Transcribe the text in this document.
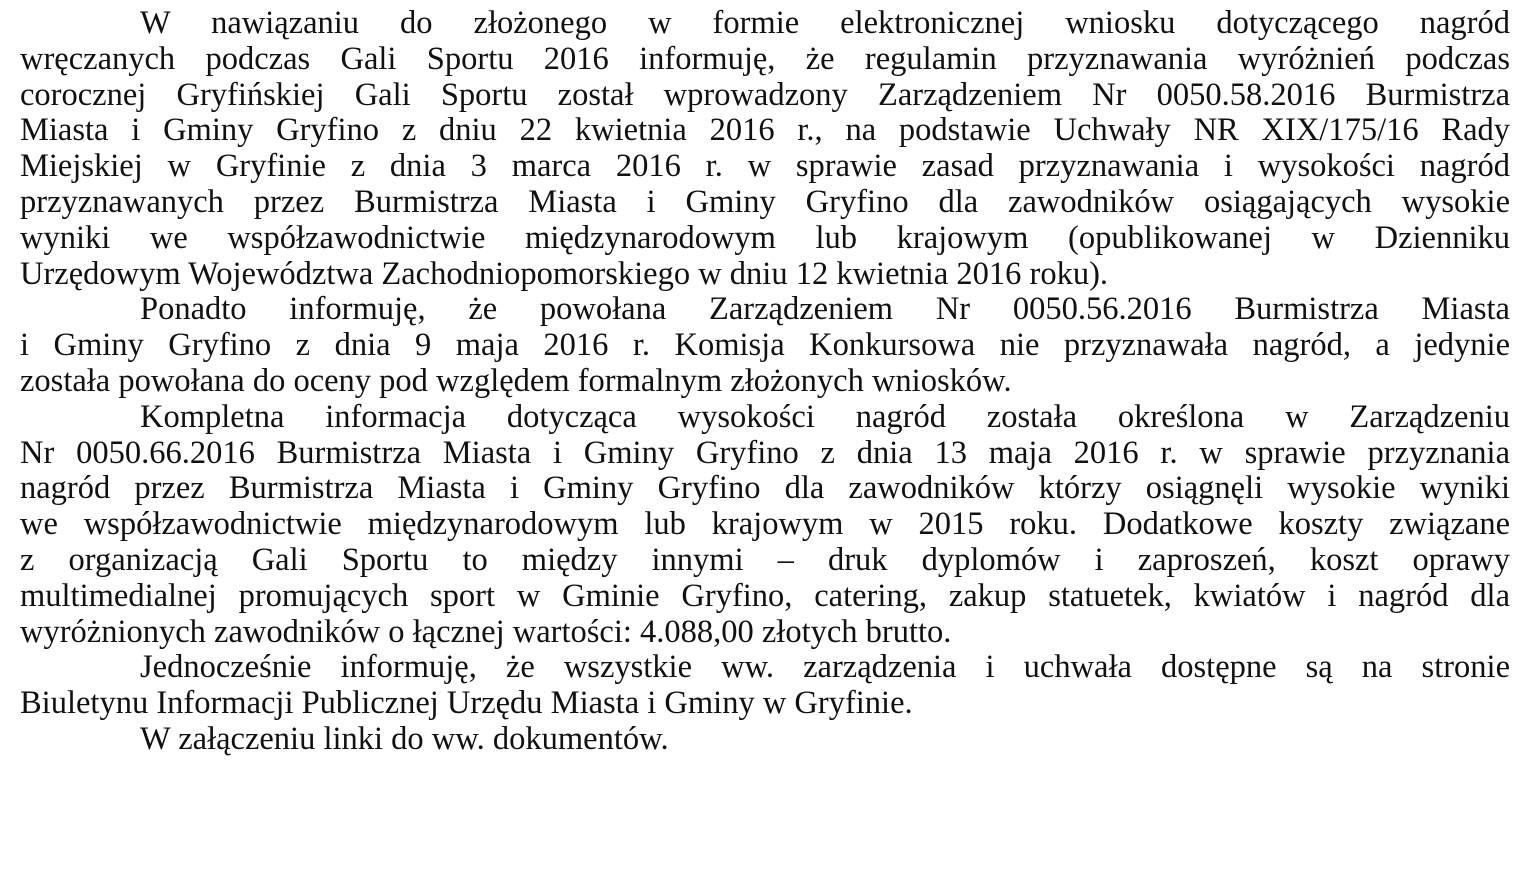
W nawiązaniu do złożonego w formie elektronicznej wniosku dotyczącego nagród
wręczanych podczas Gali Sportu 2016 informuję, że regulamin przyznawania wyróżnień podczas
corocznej Gryfińskiej Gali Sportu został wprowadzony Zarządzeniem Nr 0050.58.2016 Burmistrza
Miasta i Gminy Gryfino z dniu 22 kwietnia 2016 r., na podstawie Uchwały NR XIX/175/16 Rady
Miejskiej w Gryfinie z dnia 3 marca 2016 r. w sprawie zasad przyznawania i wysokości nagród
przyznawanych przez Burmistrza Miasta i Gminy Gryfino dla zawodników osiągających wysokie
wyniki we współzawodnictwie międzynarodowym lub krajowym (opublikowanej w Dzienniku
Urzędowym Województwa Zachodniopomorskiego w dniu 12 kwietnia 2016 roku).

Ponadto informuję, że powołana Zarządzeniem Nr 0050.56.2016 Burmistrza Miasta
i Gminy Gryfino z dnia 9 maja 2016 r. Komisja Konkursowa nie przyznawała nagród, a jedynie
została powołana do oceny pod względem formalnym złożonych wniosków.

Kompletna informacja dotycząca wysokości nagród została określona w Zarządzeniu
Nr 0050.66.2016 Burmistrza Miasta i Gminy Gryfino z dnia 13 maja 2016 r. w sprawie przyznania
nagród przez Burmistrza Miasta i Gminy Gryfino dla zawodników którzy osiągnęli wysokie wyniki
we współzawodnictwie międzynarodowym lub krajowym w 2015 roku. Dodatkowe koszty związane
z organizacją Gali Sportu to między innymi – druk dyplomów i zaproszeń, koszt oprawy
multimedialnej promujących sport w Gminie Gryfino, catering, zakup statuetek, kwiatów i nagród dla
wyróżnionych zawodników o łącznej wartości: 4.088,00 złotych brutto.

Jednocześnie informuję, że wszystkie ww. zarządzenia i uchwała dostępne są na stronie
Biuletynu Informacji Publicznej Urzędu Miasta i Gminy w Gryfinie.

W załączeniu linki do ww. dokumentów.
